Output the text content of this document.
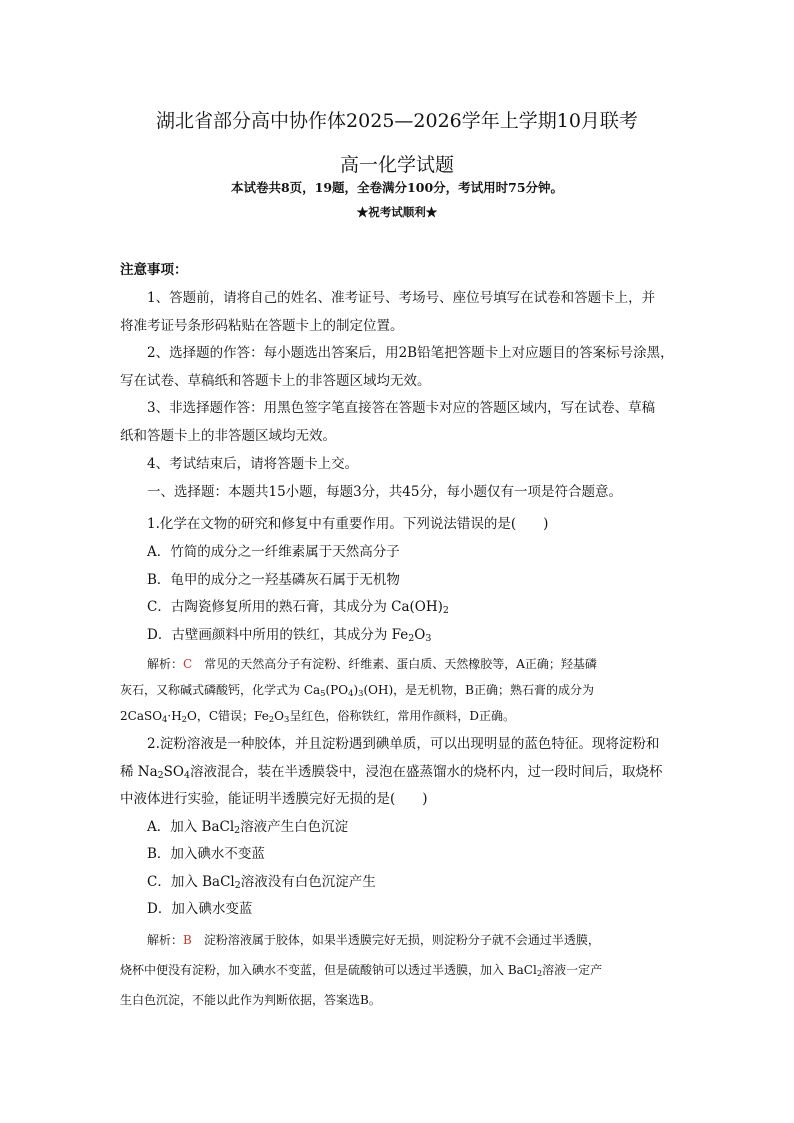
湖北省部分高中协作体2025—2026学年上学期10月联考
高一化学试题
本试卷共8页，19题，全卷满分100分，考试用时75分钟。
★祝考试顺利★
注意事项：
1、答题前，请将自己的姓名、准考证号、考场号、座位号填写在试卷和答题卡上，并
将准考证号条形码粘贴在答题卡上的制定位置。
2、选择题的作答：每小题选出答案后，用2B铅笔把答题卡上对应题目的答案标号涂黑，
写在试卷、草稿纸和答题卡上的非答题区域均无效。
3、非选择题作答：用黑色签字笔直接答在答题卡对应的答题区域内，写在试卷、草稿
纸和答题卡上的非答题区域均无效。
4、考试结束后，请将答题卡上交。
一、选择题：本题共15小题，每题3分，共45分，每小题仅有一项是符合题意。
1.化学在文物的研究和修复中有重要作用。下列说法错误的是(　　)
A．竹简的成分之一纤维素属于天然高分子
B．龟甲的成分之一羟基磷灰石属于无机物
C．古陶瓷修复所用的熟石膏，其成分为 $Ca(OH)_2$
D．古壁画颜料中所用的铁红，其成分为 $Fe_2O_3$
解析：C　常见的天然高分子有淀粉、纤维素、蛋白质、天然橡胶等，A正确；羟基磷
灰石，又称碱式磷酸钙，化学式为 $Ca_5(PO_4)_3(OH)$，是无机物，B正确；熟石膏的成分为
$2CaSO_4\cdot H_2O$，C错误；$Fe_2O_3$呈红色，俗称铁红，常用作颜料，D正确。
2.淀粉溶液是一种胶体，并且淀粉遇到碘单质，可以出现明显的蓝色特征。现将淀粉和
稀 $Na_2SO_4$溶液混合，装在半透膜袋中，浸泡在盛蒸馏水的烧杯内，过一段时间后，取烧杯
中液体进行实验，能证明半透膜完好无损的是(　　)
A．加入 BaCl$_2$溶液产生白色沉淀
B．加入碘水不变蓝
C．加入 BaCl$_2$溶液没有白色沉淀产生
D．加入碘水变蓝
解析：B　淀粉溶液属于胶体，如果半透膜完好无损，则淀粉分子就不会通过半透膜，
烧杯中便没有淀粉，加入碘水不变蓝，但是硫酸钠可以透过半透膜，加入 BaCl$_2$溶液一定产
生白色沉淀，不能以此作为判断依据，答案选B。
